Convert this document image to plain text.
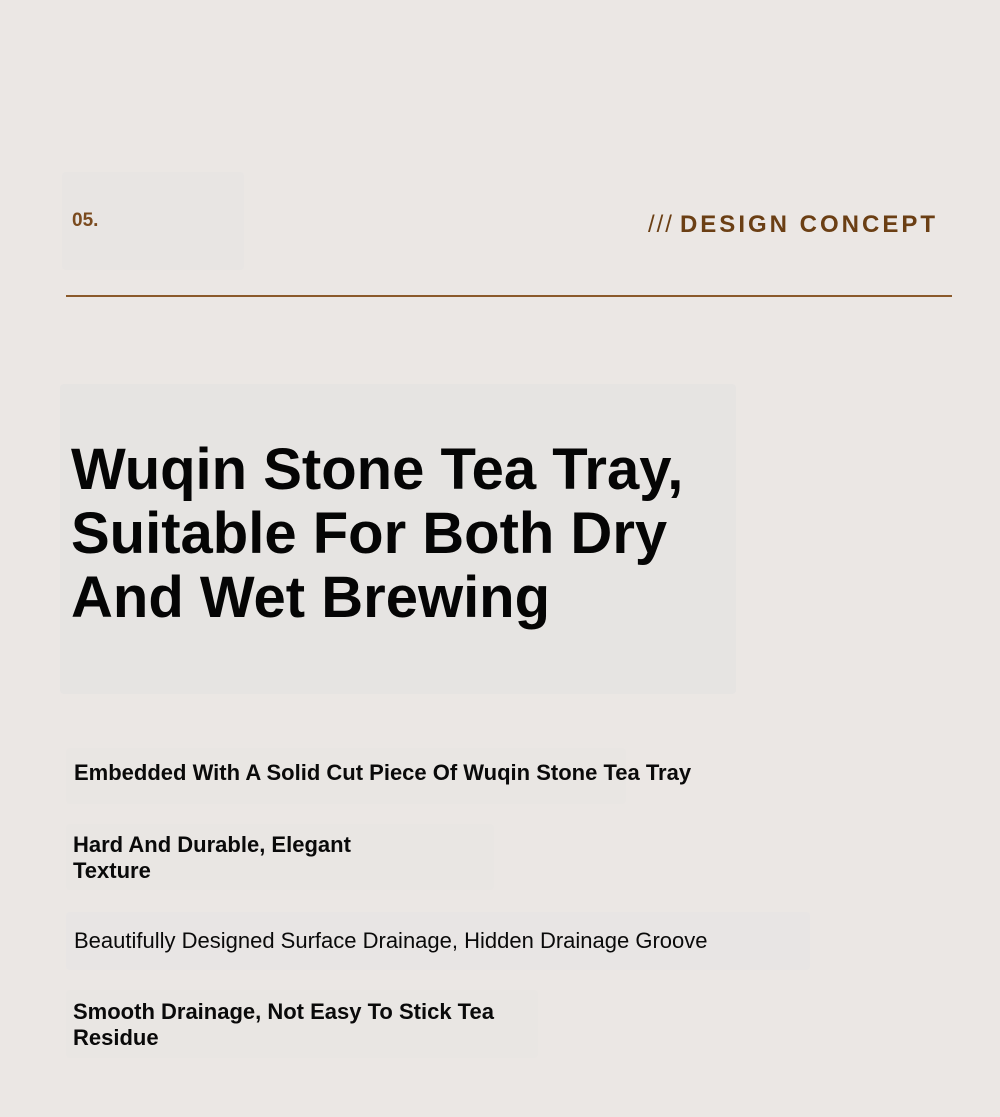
05.	/// DESIGN CONCEPT

Wuqin Stone Tea Tray,
Suitable For Both Dry
And Wet Brewing

Embedded With A Solid Cut Piece Of Wuqin Stone Tea Tray

Hard And Durable, Elegant
Texture

Beautifully Designed Surface Drainage, Hidden Drainage Groove

Smooth Drainage, Not Easy To Stick Tea
Residue
